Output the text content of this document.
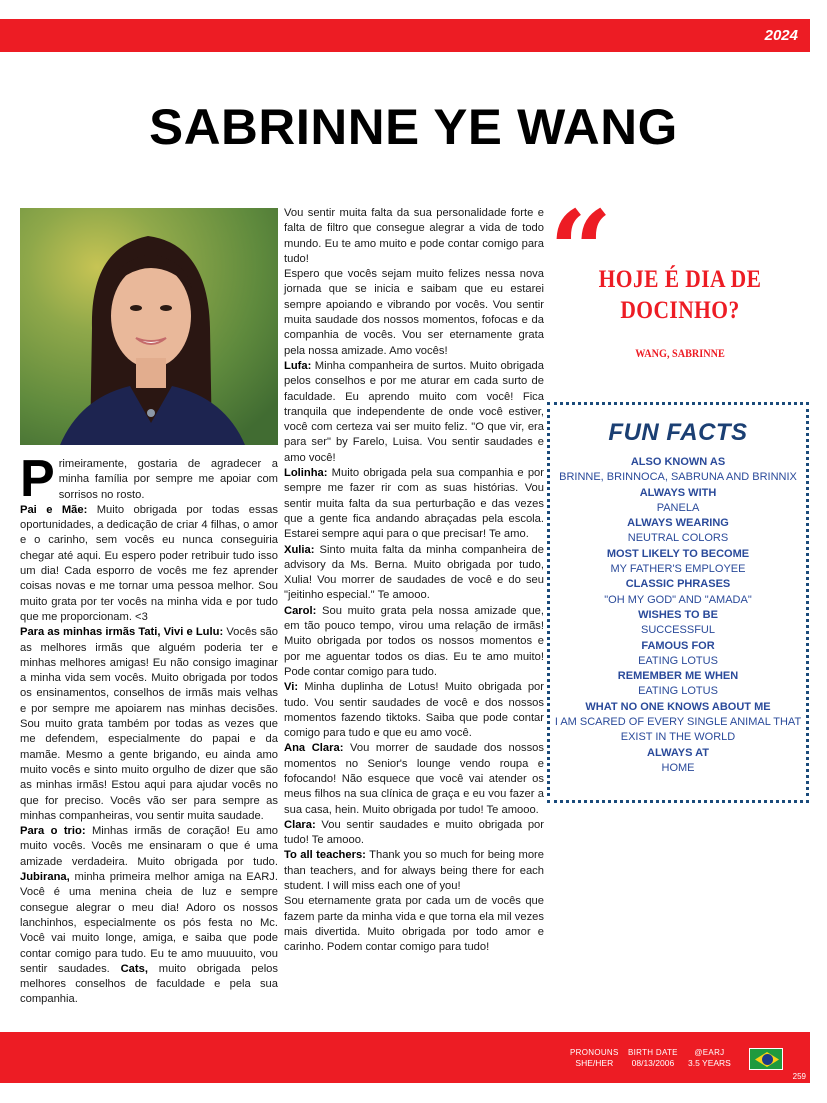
2024
SABRINNE YE WANG
P rimeiramente, gostaria de agradecer a minha família por sempre me apoiar com sorrisos no rosto.

Pai e Mãe: Muito obrigada por todas essas oportunidades, a dedicação de criar 4 filhas, o amor e o carinho, sem vocês eu nunca conseguiria chegar até aqui. Eu espero poder retribuir tudo isso um dia! Cada esporro de vocês me fez aprender coisas novas e me tornar uma pessoa melhor. Sou muito grata por ter vocês na minha vida e por tudo que me proporcionam. <3

Para as minhas irmãs Tati, Vivi e Lulu: Vocês são as melhores irmãs que alguém poderia ter e minhas melhores amigas! Eu não consigo imaginar a minha vida sem vocês. Muito obrigada por todos os ensinamentos, conselhos de irmãs mais velhas e por sempre me apoiarem nas minhas decisões. Sou muito grata também por todas as vezes que me defendem, especialmente do papai e da mamãe. Mesmo a gente brigando, eu ainda amo muito vocês e sinto muito orgulho de dizer que são as minhas irmãs! Estou aqui para ajudar vocês no que for preciso. Vocês vão ser para sempre as minhas companheiras, vou sentir muita saudade.

Para o trio: Minhas irmãs de coração! Eu amo muito vocês. Vocês me ensinaram o que é uma amizade verdadeira. Muito obrigada por tudo. Jubirana, minha primeira melhor amiga na EARJ. Você é uma menina cheia de luz e sempre consegue alegrar o meu dia! Adoro os nossos lanchinhos, especialmente os pós festa no Mc. Você vai muito longe, amiga, e saiba que pode contar comigo para tudo. Eu te amo muuuuito, vou sentir saudades. Cats, muito obrigada pelos melhores conselhos de faculdade e pela sua companhia.

Vou sentir muita falta da sua personalidade forte e falta de filtro que consegue alegrar a vida de todo mundo. Eu te amo muito e pode contar comigo para tudo!

Espero que vocês sejam muito felizes nessa nova jornada que se inicia e saibam que eu estarei sempre apoiando e vibrando por vocês. Vou sentir muita saudade dos nossos momentos, fofocas e da companhia de vocês. Vou ser eternamente grata pela nossa amizade. Amo vocês!

Lufa: Minha companheira de surtos. Muito obrigada pelos conselhos e por me aturar em cada surto de faculdade. Eu aprendo muito com você! Fica tranquila que independente de onde você estiver, você com certeza vai ser muito feliz. "O que vir, era para ser" by Farelo, Luisa. Vou sentir saudades e amo você!

Lolinha: Muito obrigada pela sua companhia e por sempre me fazer rir com as suas histórias. Vou sentir muita falta da sua perturbação e das vezes que a gente fica andando abraçadas pela escola. Estarei sempre aqui para o que precisar! Te amo.

Xulia: Sinto muita falta da minha companheira de advisory da Ms. Berna. Muito obrigada por tudo, Xulia! Vou morrer de saudades de você e do seu "jeitinho especial." Te amooo.

Carol: Sou muito grata pela nossa amizade que, em tão pouco tempo, virou uma relação de irmãs! Muito obrigada por todos os nossos momentos e por me aguentar todos os dias. Eu te amo muito! Pode contar comigo para tudo.

Vi: Minha duplinha de Lotus! Muito obrigada por tudo. Vou sentir saudades de você e dos nossos momentos fazendo tiktoks. Saiba que pode contar comigo para tudo e que eu amo você.

Ana Clara: Vou morrer de saudade dos nossos momentos no Senior's lounge vendo roupa e fofocando! Não esquece que você vai atender os meus filhos na sua clínica de graça e eu vou fazer a sua casa, hein. Muito obrigada por tudo! Te amooo.

Clara: Vou sentir saudades e muito obrigada por tudo! Te amooo.

To all teachers: Thank you so much for being more than teachers, and for always being there for each student. I will miss each one of you!

Sou eternamente grata por cada um de vocês que fazem parte da minha vida e que torna ela mil vezes mais divertida. Muito obrigada por todo amor e carinho. Podem contar comigo para tudo!

“
HOJE É DIA DE DOCINHO?
WANG, SABRINNE
FUN FACTS
ALSO KNOWN AS
BRINNE, BRINNOCA, SABRUNA AND BRINNIX
ALWAYS WITH
PANELA
ALWAYS WEARING
NEUTRAL COLORS
MOST LIKELY TO BECOME
MY FATHER'S EMPLOYEE
CLASSIC PHRASES
"OH MY GOD" AND "AMADA"
WISHES TO BE
SUCCESSFUL
FAMOUS FOR
EATING LOTUS
REMEMBER ME WHEN
EATING LOTUS
WHAT NO ONE KNOWS ABOUT ME
I AM SCARED OF EVERY SINGLE ANIMAL THAT EXIST IN THE WORLD
ALWAYS AT
HOME
PRONOUNS
SHE/HER
BIRTH DATE
08/13/2006
@EARJ
3.5 YEARS
259
